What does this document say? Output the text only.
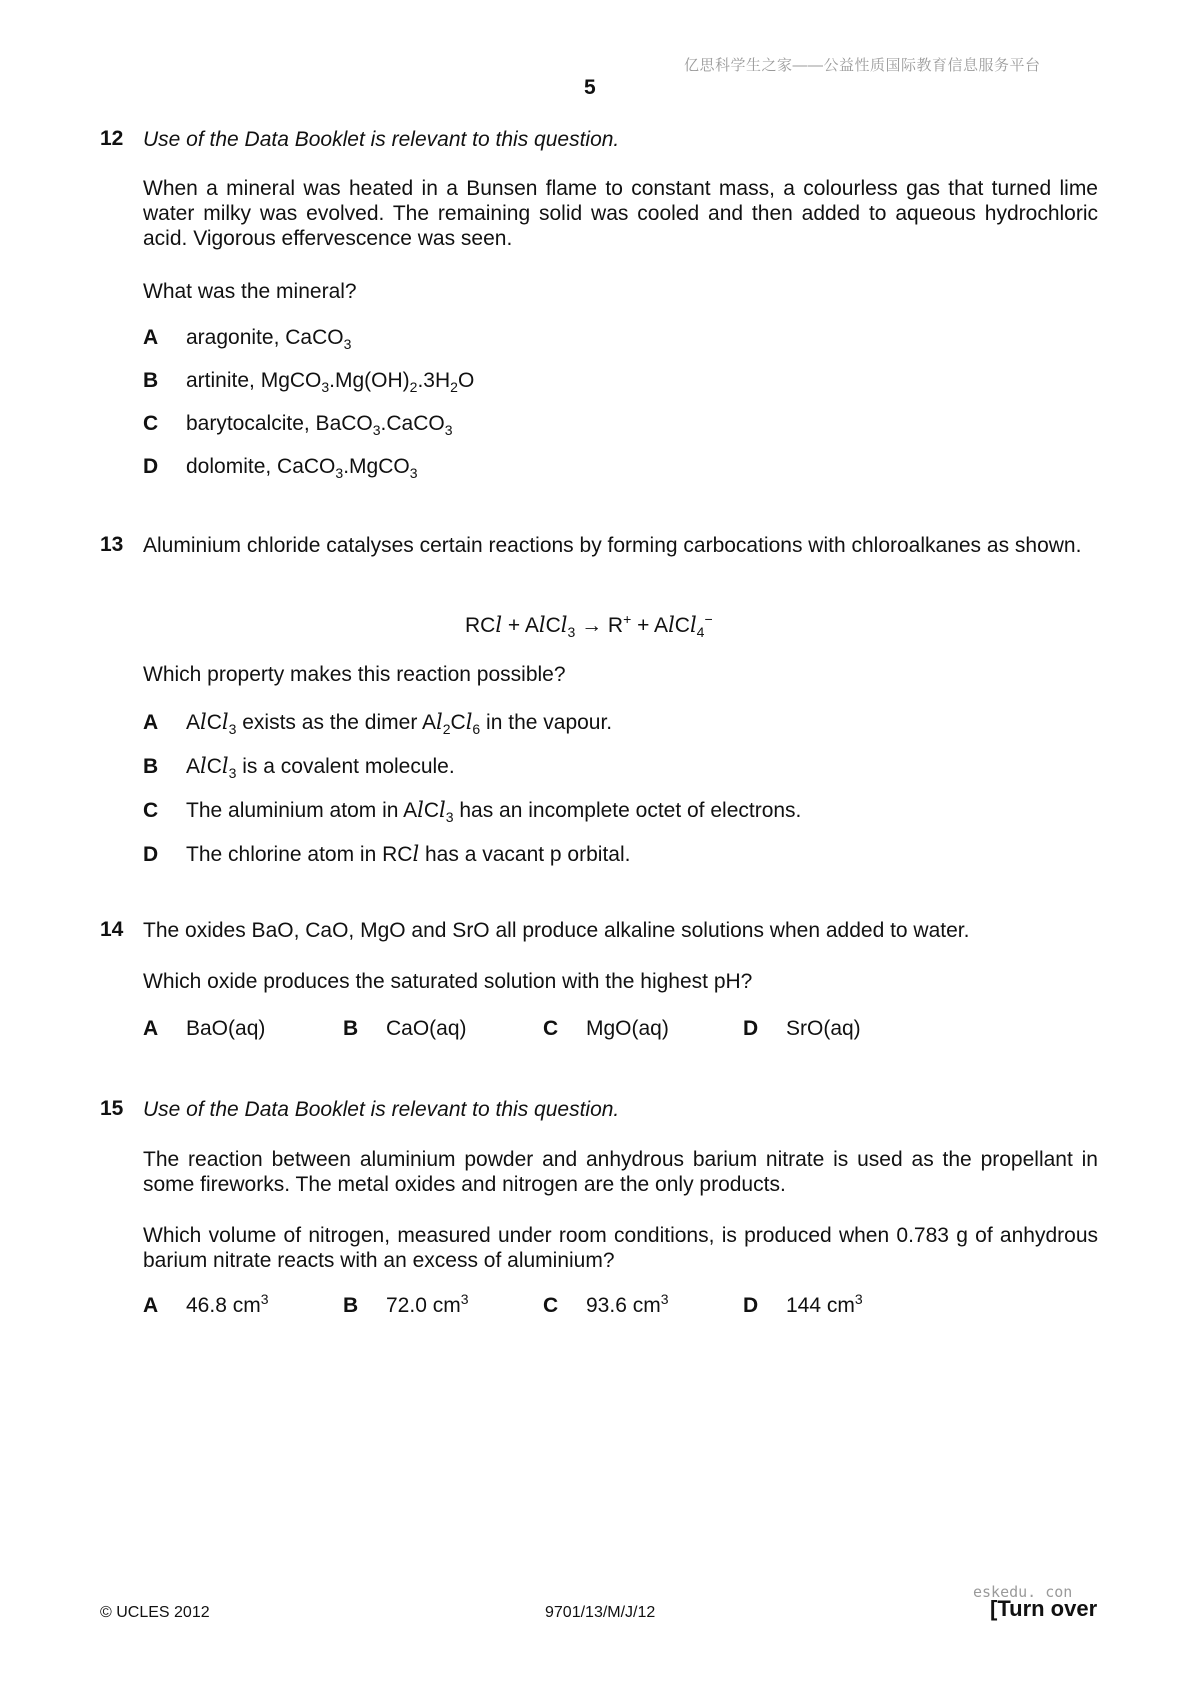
亿思科学生之家——公益性质国际教育信息服务平台
5
12 Use of the Data Booklet is relevant to this question.
When a mineral was heated in a Bunsen flame to constant mass, a colourless gas that turned lime water milky was evolved. The remaining solid was cooled and then added to aqueous hydrochloric acid. Vigorous effervescence was seen.
What was the mineral?
A aragonite, CaCO$_3$
B artinite, $MgCO_3.Mg(OH)_2.3H_2O$
C barytocalcite, BaCO$_3$.CaCO$_3$
D dolomite, CaCO$_3$.MgCO$_3$
13 Aluminium chloride catalyses certain reactions by forming carbocations with chloroalkanes as shown.
RCl + AlCl$_3$ → R+ + AlCl$_4$−
Which property makes this reaction possible?
A AlCl$_3$ exists as the dimer $Al_2Cl_6$ in the vapour.
B AlCl$_3$ is a covalent molecule.
C The aluminium atom in AlCl$_3$ has an incomplete octet of electrons.
D The chlorine atom in RCl has a vacant p orbital.
14 The oxides BaO, CaO, MgO and SrO all produce alkaline solutions when added to water.
Which oxide produces the saturated solution with the highest pH?
A BaO(aq)	B CaO(aq)	C MgO(aq)	D SrO(aq)
15 Use of the Data Booklet is relevant to this question.
The reaction between aluminium powder and anhydrous barium nitrate is used as the propellant in some fireworks. The metal oxides and nitrogen are the only products.
Which volume of nitrogen, measured under room conditions, is produced when 0.783 g of anhydrous barium nitrate reacts with an excess of aluminium?
A 46.8 $cm^3$	B 72.0 $cm^3$	C 93.6 $cm^3$	D 144 $cm^3$
eskedu. con
© UCLES 2012	9701/13/M/J/12	[Turn over
